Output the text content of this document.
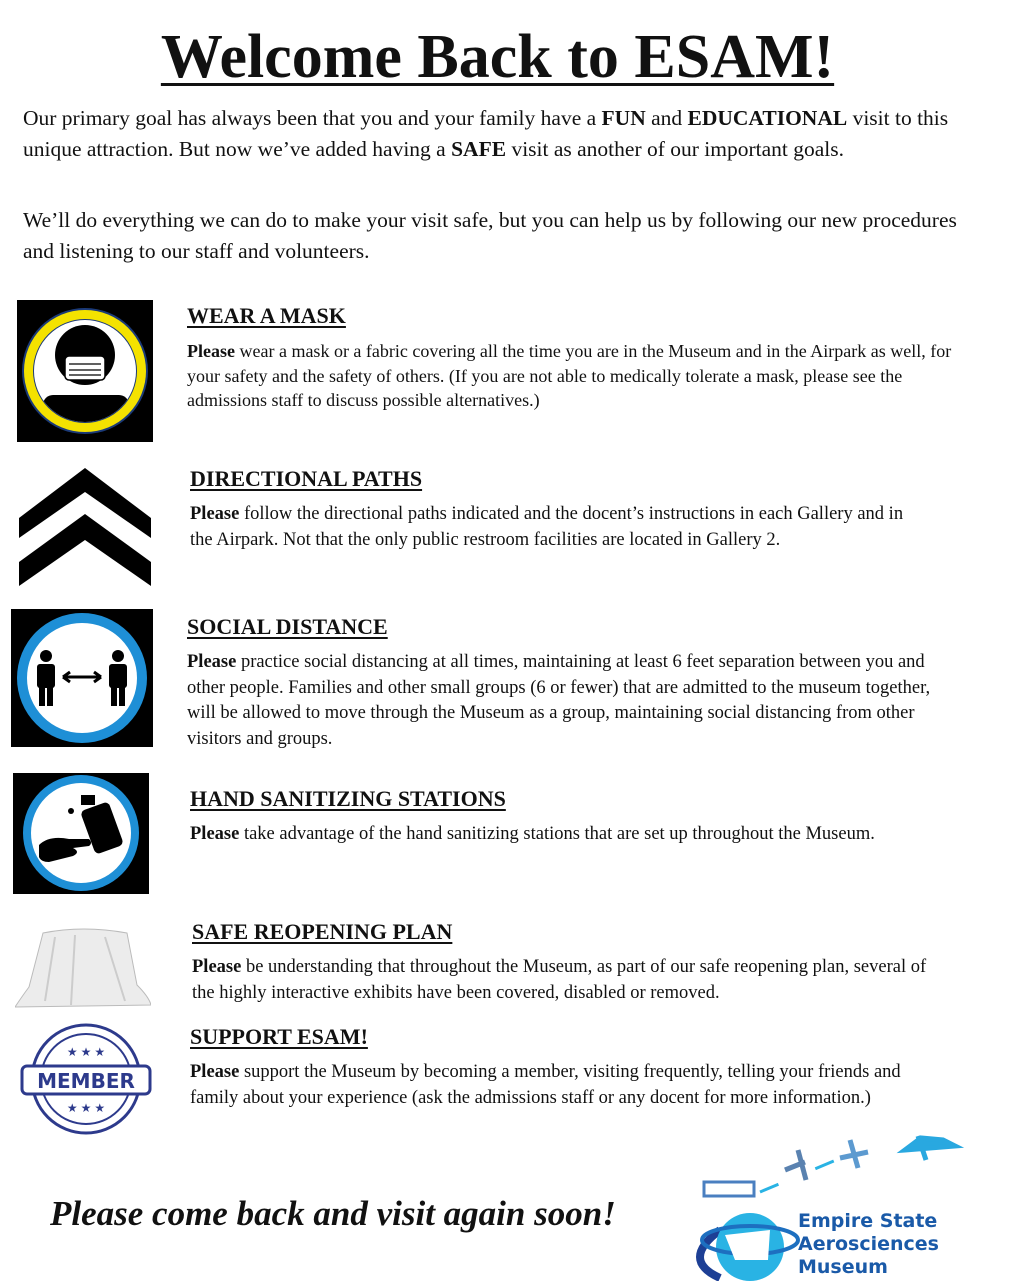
Welcome Back to ESAM!

Our primary goal has always been that you and your family have a FUN and EDUCATIONAL visit to this unique attraction. But now we’ve added having a SAFE visit as another of our important goals.

We’ll do everything we can do to make your visit safe, but you can help us by following our new procedures and listening to our staff and volunteers.

MEMBER
★ ★ ★
★ ★ ★
WEAR A MASK

Please wear a mask or a fabric covering all the time you are in the Museum and in the Airpark as well, for your safety and the safety of others. (If you are not able to medically tolerate a mask, please see the admissions staff to discuss possible alternatives.)

DIRECTIONAL PATHS

Please follow the directional paths indicated and the docent’s instructions in each Gallery and in the Airpark. Not that the only public restroom facilities are located in Gallery 2.

SOCIAL DISTANCE

Please practice social distancing at all times, maintaining at least 6 feet separation between you and other people. Families and other small groups (6 or fewer) that are admitted to the museum together, will be allowed to move through the Museum as a group, maintaining social distancing from other visitors and groups.

HAND SANITIZING STATIONS

Please take advantage of the hand sanitizing stations that are set up throughout the Museum.

SAFE REOPENING PLAN

Please be understanding that throughout the Museum, as part of our safe reopening plan, several of the highly interactive exhibits have been covered, disabled or removed.

SUPPORT ESAM!

Please support the Museum by becoming a member, visiting frequently, telling your friends and family about your experience (ask the admissions staff or any docent for more information.)

Please come back and visit again soon!	Empire State
Aerosciences
Museum
